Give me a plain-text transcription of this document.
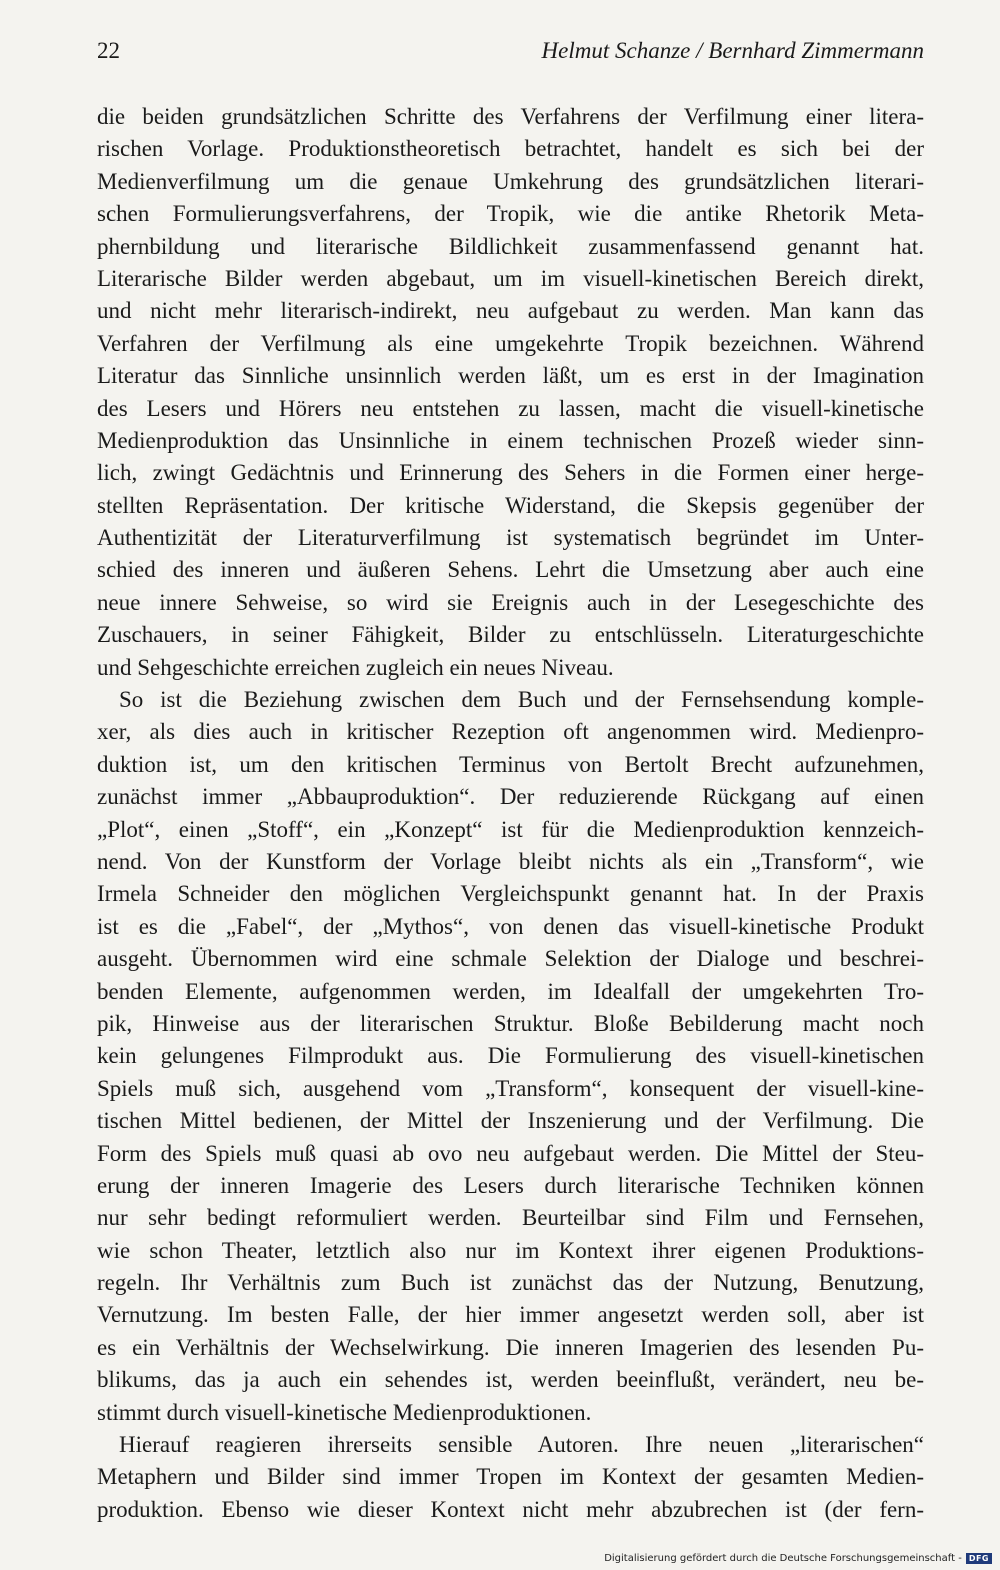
22	Helmut Schanze / Bernhard Zimmermann
die beiden grundsätzlichen Schritte des Verfahrens der Verfilmung einer litera-
rischen Vorlage. Produktionstheoretisch betrachtet, handelt es sich bei der
Medienverfilmung um die genaue Umkehrung des grundsätzlichen literari-
schen Formulierungsverfahrens, der Tropik, wie die antike Rhetorik Meta-
phernbildung und literarische Bildlichkeit zusammenfassend genannt hat.
Literarische Bilder werden abgebaut, um im visuell-kinetischen Bereich direkt,
und nicht mehr literarisch-indirekt, neu aufgebaut zu werden. Man kann das
Verfahren der Verfilmung als eine umgekehrte Tropik bezeichnen. Während
Literatur das Sinnliche unsinnlich werden läßt, um es erst in der Imagination
des Lesers und Hörers neu entstehen zu lassen, macht die visuell-kinetische
Medienproduktion das Unsinnliche in einem technischen Prozeß wieder sinn-
lich, zwingt Gedächtnis und Erinnerung des Sehers in die Formen einer herge-
stellten Repräsentation. Der kritische Widerstand, die Skepsis gegenüber der
Authentizität der Literaturverfilmung ist systematisch begründet im Unter-
schied des inneren und äußeren Sehens. Lehrt die Umsetzung aber auch eine
neue innere Sehweise, so wird sie Ereignis auch in der Lesegeschichte des
Zuschauers, in seiner Fähigkeit, Bilder zu entschlüsseln. Literaturgeschichte
und Sehgeschichte erreichen zugleich ein neues Niveau.
So ist die Beziehung zwischen dem Buch und der Fernsehsendung komple-
xer, als dies auch in kritischer Rezeption oft angenommen wird. Medienpro-
duktion ist, um den kritischen Terminus von Bertolt Brecht aufzunehmen,
zunächst immer „Abbauproduktion“. Der reduzierende Rückgang auf einen
„Plot“, einen „Stoff“, ein „Konzept“ ist für die Medienproduktion kennzeich-
nend. Von der Kunstform der Vorlage bleibt nichts als ein „Transform“, wie
Irmela Schneider den möglichen Vergleichspunkt genannt hat. In der Praxis
ist es die „Fabel“, der „Mythos“, von denen das visuell-kinetische Produkt
ausgeht. Übernommen wird eine schmale Selektion der Dialoge und beschrei-
benden Elemente, aufgenommen werden, im Idealfall der umgekehrten Tro-
pik, Hinweise aus der literarischen Struktur. Bloße Bebilderung macht noch
kein gelungenes Filmprodukt aus. Die Formulierung des visuell-kinetischen
Spiels muß sich, ausgehend vom „Transform“, konsequent der visuell-kine-
tischen Mittel bedienen, der Mittel der Inszenierung und der Verfilmung. Die
Form des Spiels muß quasi ab ovo neu aufgebaut werden. Die Mittel der Steu-
erung der inneren Imagerie des Lesers durch literarische Techniken können
nur sehr bedingt reformuliert werden. Beurteilbar sind Film und Fernsehen,
wie schon Theater, letztlich also nur im Kontext ihrer eigenen Produktions-
regeln. Ihr Verhältnis zum Buch ist zunächst das der Nutzung, Benutzung,
Vernutzung. Im besten Falle, der hier immer angesetzt werden soll, aber ist
es ein Verhältnis der Wechselwirkung. Die inneren Imagerien des lesenden Pu-
blikums, das ja auch ein sehendes ist, werden beeinflußt, verändert, neu be-
stimmt durch visuell-kinetische Medienproduktionen.
Hierauf reagieren ihrerseits sensible Autoren. Ihre neuen „literarischen“
Metaphern und Bilder sind immer Tropen im Kontext der gesamten Medien-
produktion. Ebenso wie dieser Kontext nicht mehr abzubrechen ist (der fern-
Digitalisierung gefördert durch die Deutsche Forschungsgemeinschaft - DFG
